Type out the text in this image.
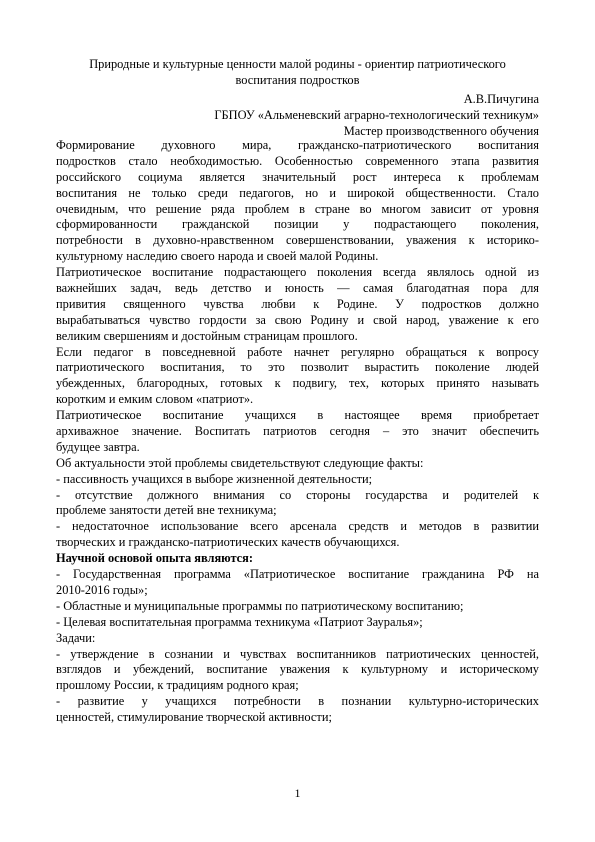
Природные и культурные ценности малой родины - ориентир патриотического
воспитания подростков
А.В.Пичугина
ГБПОУ «Альменевский аграрно-технологический техникум»
Мастер производственного обучения
Формирование духовного мира, гражданско-патриотического воспитания
подростков стало необходимостью. Особенностью современного этапа развития
российского социума является значительный рост интереса к проблемам
воспитания не только среди педагогов, но и широкой общественности. Стало
очевидным, что решение ряда проблем в стране во многом зависит от уровня
сформированности гражданской позиции у подрастающего поколения,
потребности в духовно-нравственном совершенствовании, уважения к историко-
культурному наследию своего народа и своей малой Родины.
Патриотическое воспитание подрастающего поколения всегда являлось одной из
важнейших задач, ведь детство и юность — самая благодатная пора для
привития священного чувства любви к Родине. У подростков должно
вырабатываться чувство гордости за свою Родину и свой народ, уважение к его
великим свершениям и достойным страницам прошлого.
Если педагог в повседневной работе начнет регулярно обращаться к вопросу
патриотического воспитания, то это позволит вырастить поколение людей
убежденных, благородных, готовых к подвигу, тех, которых принято называть
коротким и емким словом «патриот».
Патриотическое воспитание учащихся в настоящее время приобретает
архиважное значение. Воспитать патриотов сегодня – это значит обеспечить
будущее завтра.
Об актуальности этой проблемы свидетельствуют следующие факты:
- пассивность учащихся в выборе жизненной деятельности;
- отсутствие должного внимания со стороны государства и родителей к
проблеме занятости детей вне техникума;
- недостаточное использование всего арсенала средств и методов в развитии
творческих и гражданско-патриотических качеств обучающихся.
Научной основой опыта являются:
- Государственная программа «Патриотическое воспитание гражданина РФ на
2010-2016 годы»;
- Областные и муниципальные программы по патриотическому воспитанию;
- Целевая воспитательная программа техникума «Патриот Зауралья»;
Задачи:
- утверждение в сознании и чувствах воспитанников патриотических ценностей,
взглядов и убеждений, воспитание уважения к культурному и историческому
прошлому России, к традициям родного края;
- развитие у учащихся потребности в познании культурно-исторических
ценностей, стимулирование творческой активности;
1
